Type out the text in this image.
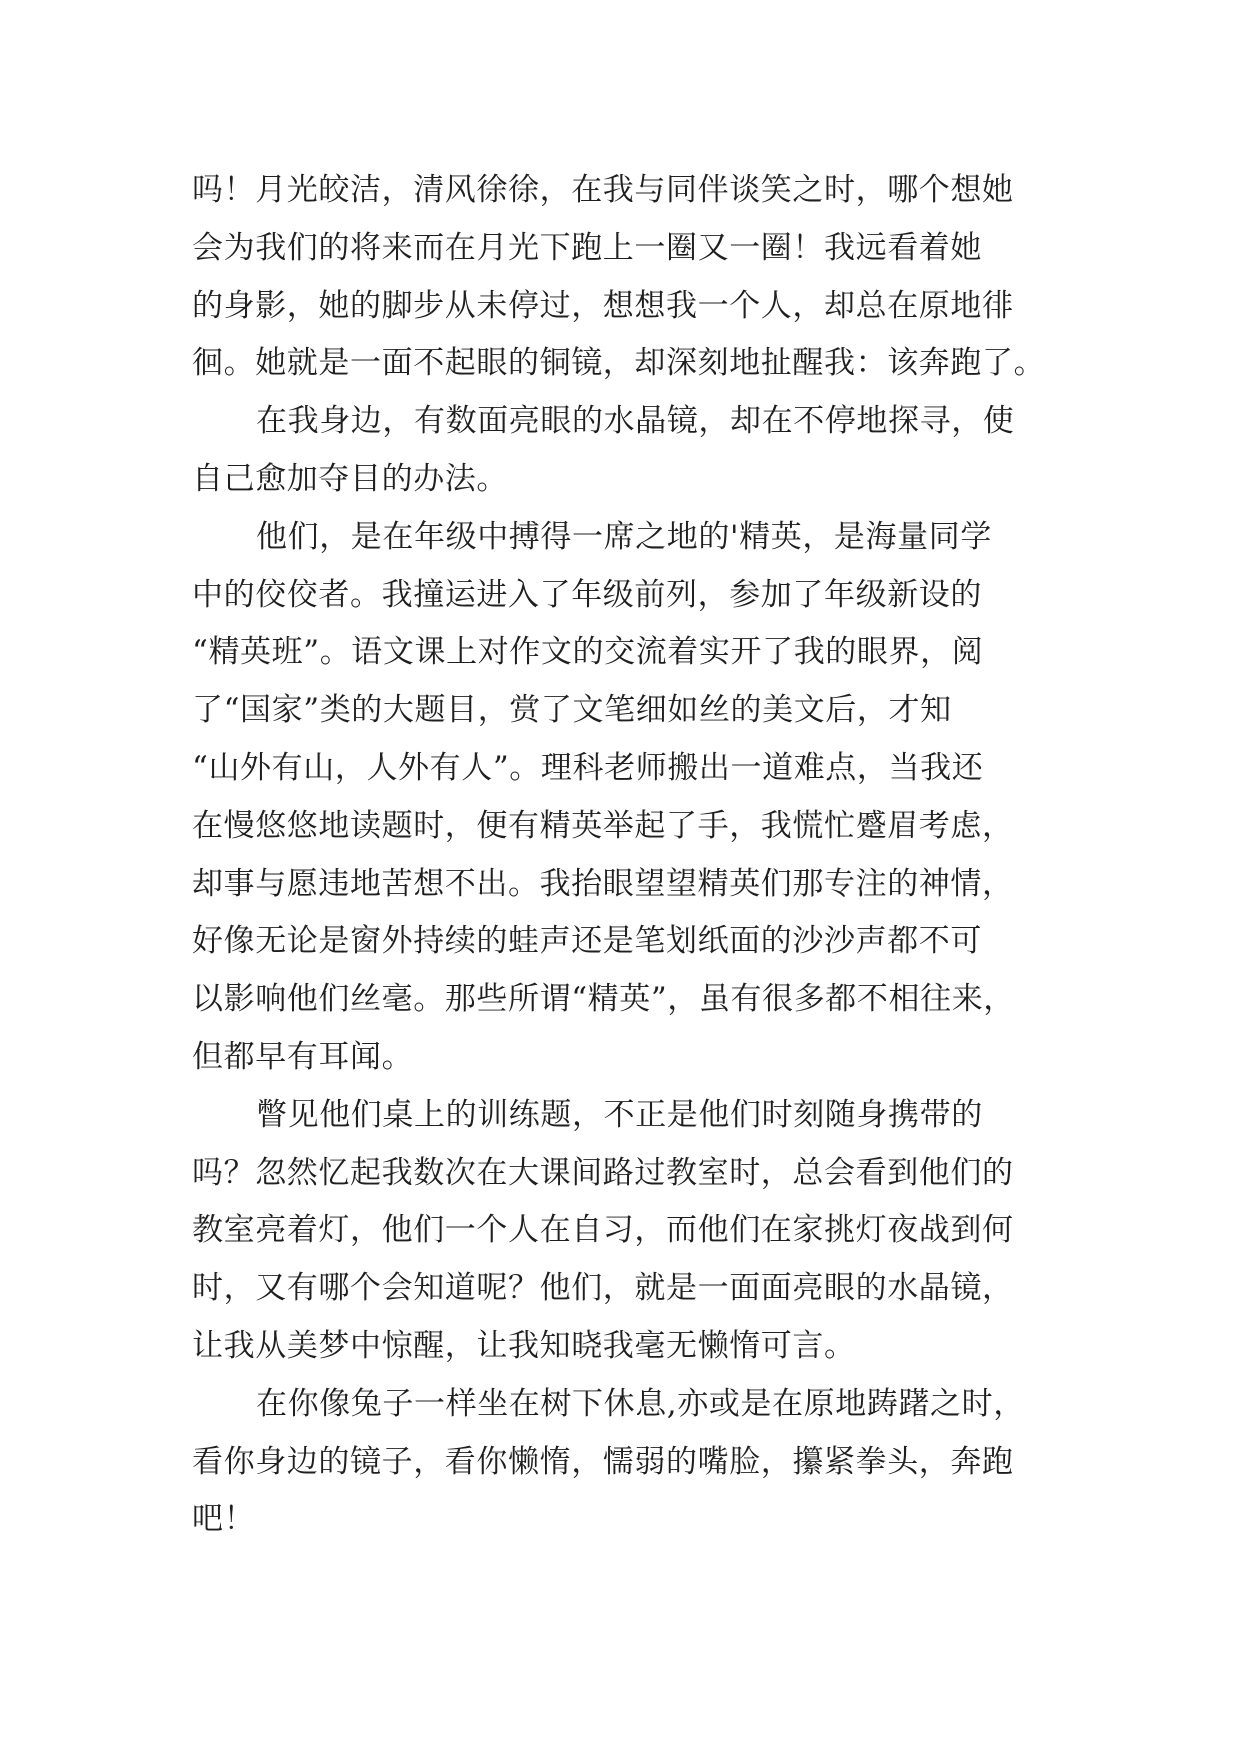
吗！月光皎洁，清风徐徐，在我与同伴谈笑之时，哪个想她
会为我们的将来而在月光下跑上一圈又一圈！我远看着她
的身影，她的脚步从未停过，想想我一个人，却总在原地徘
徊。她就是一面不起眼的铜镜，却深刻地扯醒我：该奔跑了。
在我身边，有数面亮眼的水晶镜，却在不停地探寻，使
自己愈加夺目的办法。
他们，是在年级中搏得一席之地的'精英，是海量同学
中的佼佼者。我撞运进入了年级前列，参加了年级新设的
“精英班”。语文课上对作文的交流着实开了我的眼界，阅
了“国家”类的大题目，赏了文笔细如丝的美文后，才知
“山外有山，人外有人”。理科老师搬出一道难点，当我还
在慢悠悠地读题时，便有精英举起了手，我慌忙蹙眉考虑，
却事与愿违地苦想不出。我抬眼望望精英们那专注的神情，
好像无论是窗外持续的蛙声还是笔划纸面的沙沙声都不可
以影响他们丝毫。那些所谓“精英”，虽有很多都不相往来，
但都早有耳闻。
瞥见他们桌上的训练题，不正是他们时刻随身携带的
吗？忽然忆起我数次在大课间路过教室时，总会看到他们的
教室亮着灯，他们一个人在自习，而他们在家挑灯夜战到何
时，又有哪个会知道呢？他们，就是一面面亮眼的水晶镜，
让我从美梦中惊醒，让我知晓我毫无懒惰可言。
在你像兔子一样坐在树下休息,亦或是在原地踌躇之时，
看你身边的镜子，看你懒惰，懦弱的嘴脸，攥紧拳头，奔跑
吧！
